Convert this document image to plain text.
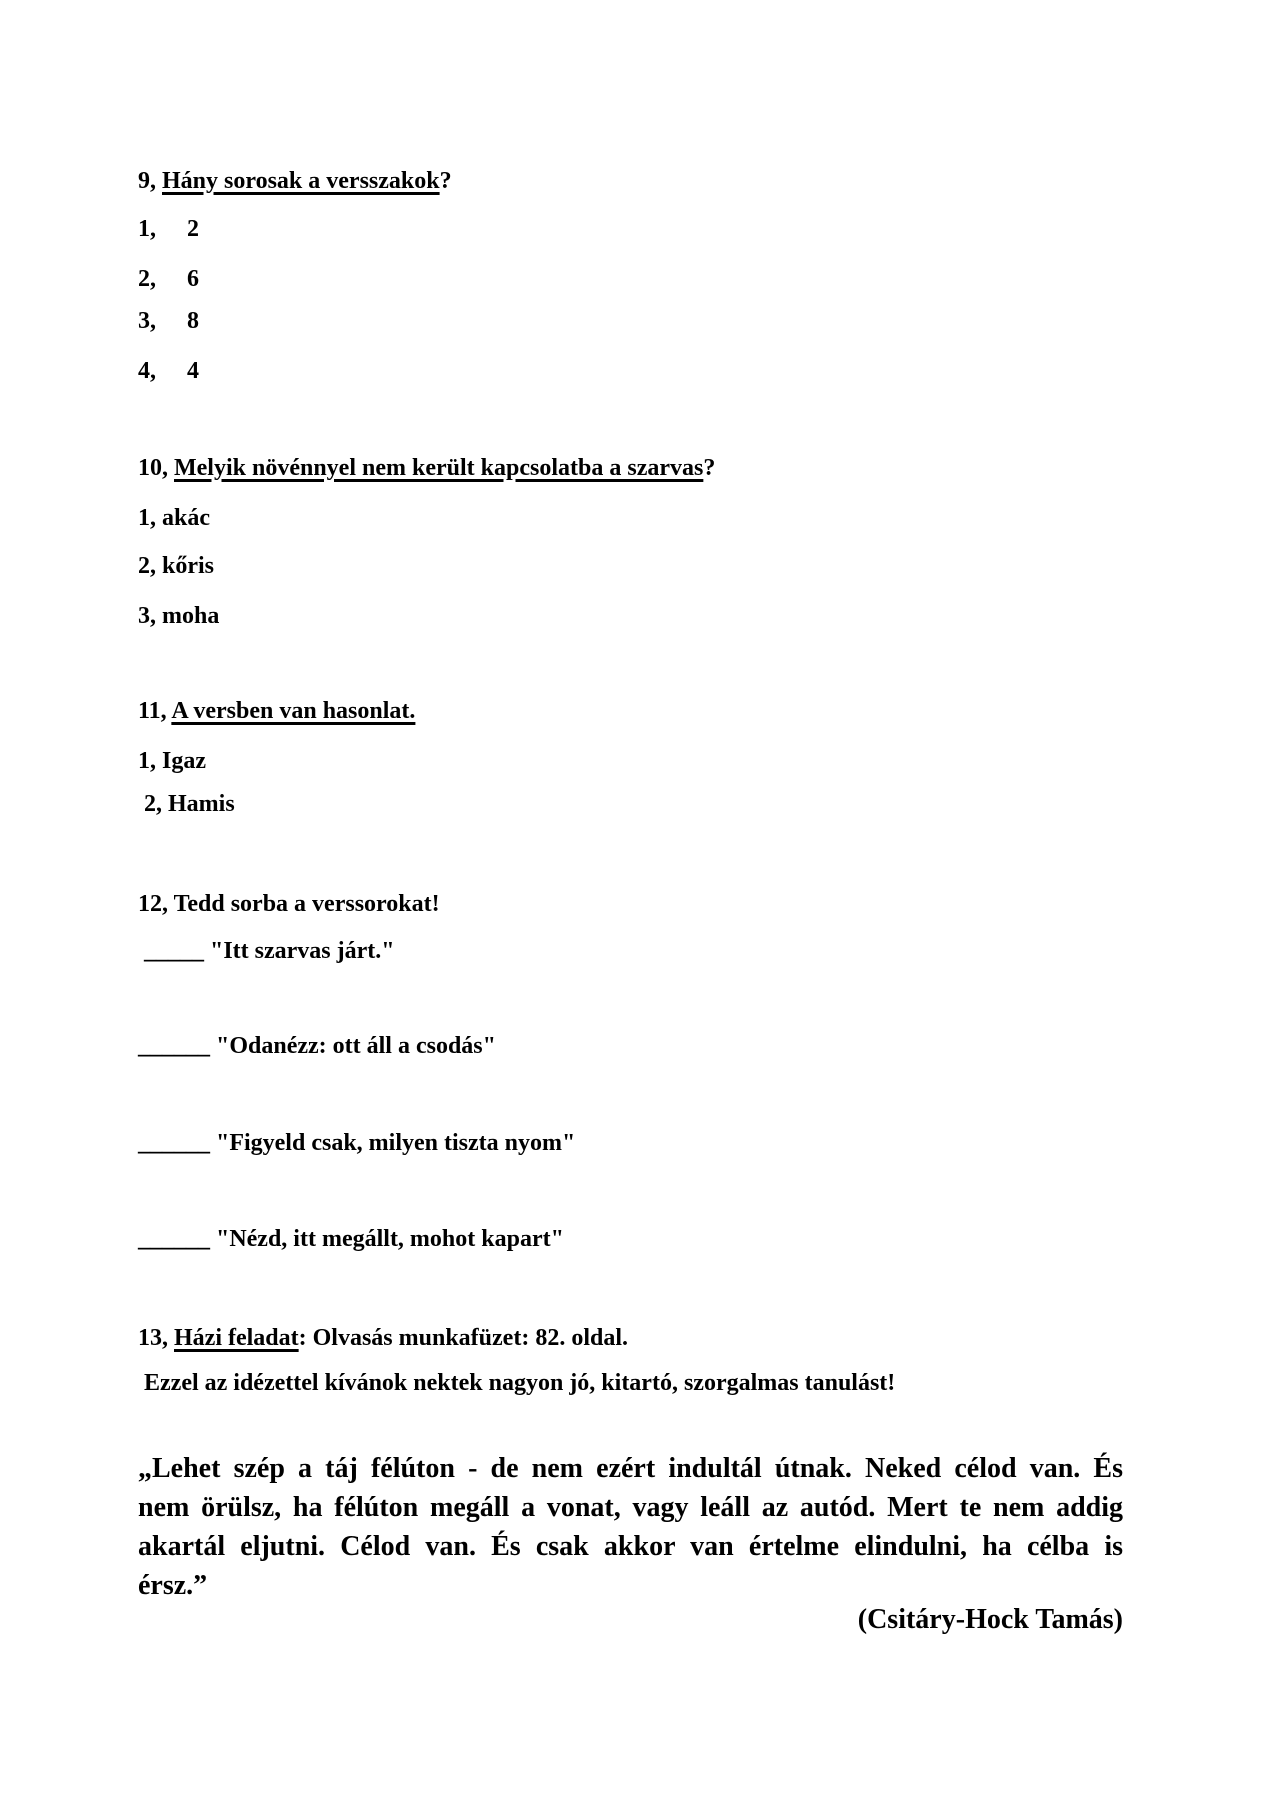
9, Hány sorosak a versszakok?
1, 2
2, 6
3, 8
4, 4
10, Melyik növénnyel nem került kapcsolatba a szarvas?
1, akác
2, kőris
3, moha
11, A versben van hasonlat.
1, Igaz
2, Hamis
12, Tedd sorba a verssorokat!
_____ "Itt szarvas járt."
______ "Odanézz: ott áll a csodás"
______ "Figyeld csak, milyen tiszta nyom"
______ "Nézd, itt megállt, mohot kapart"
13, Házi feladat: Olvasás munkafüzet: 82. oldal.
Ezzel az idézettel kívánok nektek nagyon jó, kitartó, szorgalmas tanulást!
„Lehet szép a táj félúton - de nem ezért indultál útnak. Neked célod van. És
nem örülsz, ha félúton megáll a vonat, vagy leáll az autód. Mert te nem addig
akartál eljutni. Célod van. És csak akkor van értelme elindulni, ha célba is
érsz.”
(Csitáry-Hock Tamás)
